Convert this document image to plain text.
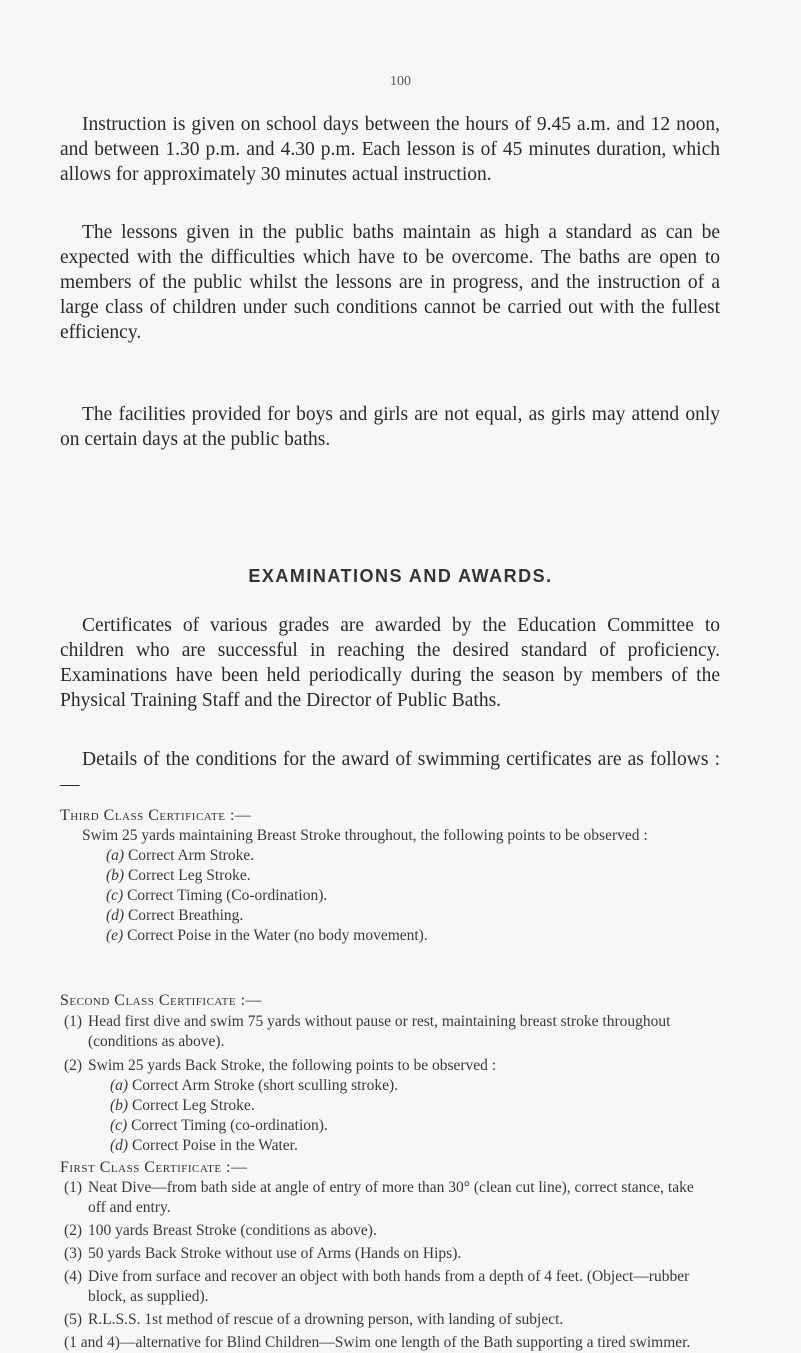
100

Instruction is given on school days between the hours of 9.45 a.m. and 12 noon, and between 1.30 p.m. and 4.30 p.m. Each lesson is of 45 minutes duration, which allows for approximately 30 minutes actual instruction.

The lessons given in the public baths maintain as high a standard as can be expected with the difficulties which have to be overcome. The baths are open to members of the public whilst the lessons are in progress, and the instruction of a large class of children under such conditions cannot be carried out with the fullest efficiency.

The facilities provided for boys and girls are not equal, as girls may attend only on certain days at the public baths.

EXAMINATIONS AND AWARDS.

Certificates of various grades are awarded by the Education Committee to children who are successful in reaching the desired standard of proficiency. Examinations have been held periodically during the season by members of the Physical Training Staff and the Director of Public Baths.

Details of the conditions for the award of swimming certificates are as follows :—

Third Class Certificate :—

Swim 25 yards maintaining Breast Stroke throughout, the following points to be observed :

(a) Correct Arm Stroke.

(b) Correct Leg Stroke.

(c) Correct Timing (Co-ordination).

(d) Correct Breathing.

(e) Correct Poise in the Water (no body movement).

Second Class Certificate :—
(1) Head first dive and swim 75 yards without pause or rest, maintaining breast stroke throughout (conditions as above).
(2) Swim 25 yards Back Stroke, the following points to be observed :

(a) Correct Arm Stroke (short sculling stroke).

(b) Correct Leg Stroke.

(c) Correct Timing (co-ordination).

(d) Correct Poise in the Water.

First Class Certificate :—
(1) Neat Dive—from bath side at angle of entry of more than 30° (clean cut line), correct stance, take off and entry.
(2) 100 yards Breast Stroke (conditions as above).
(3) 50 yards Back Stroke without use of Arms (Hands on Hips).
(4) Dive from surface and recover an object with both hands from a depth of 4 feet. (Object—rubber block, as supplied).
(5) R.L.S.S. 1st method of rescue of a drowning person, with landing of subject.
(1 and 4)—alternative for Blind Children—Swim one length of the Bath supporting a tired swimmer.
